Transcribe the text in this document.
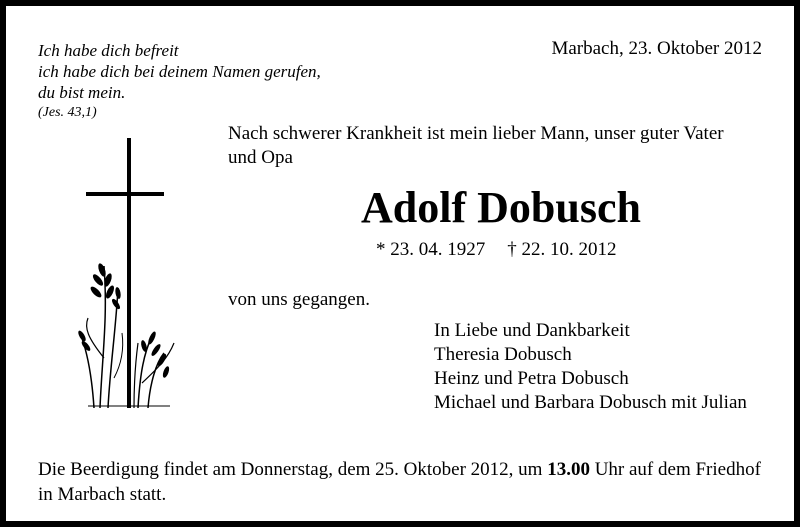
Ich habe dich befreit
ich habe dich bei deinem Namen gerufen,
du bist mein.
(Jes. 43,1)
Marbach, 23. Oktober 2012
Nach schwerer Krankheit ist mein lieber Mann, unser guter Vater
und Opa
Adolf Dobusch
* 23. 04. 1927 † 22. 10. 2012
von uns gegangen.
In Liebe und Dankbarkeit
Theresia Dobusch
Heinz und Petra Dobusch
Michael und Barbara Dobusch mit Julian
Die Beerdigung findet am Donnerstag, dem 25. Oktober 2012, um 13.00 Uhr auf dem Friedhof in Marbach statt.
